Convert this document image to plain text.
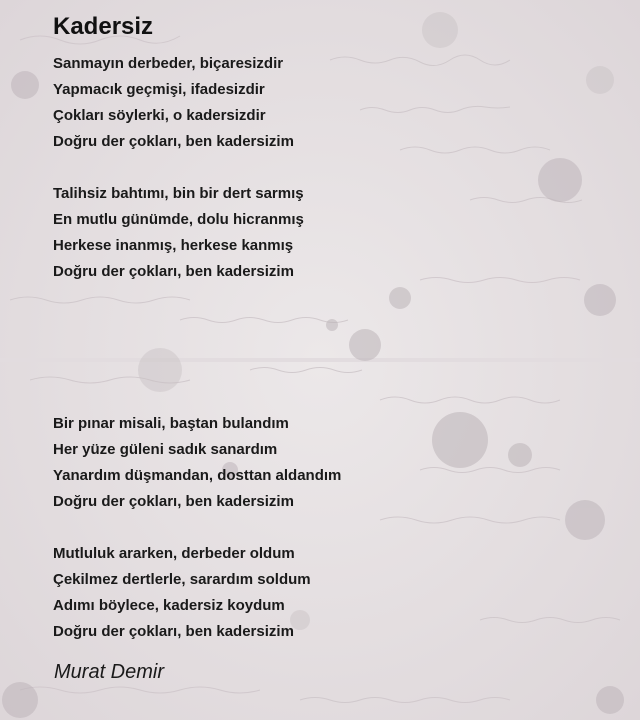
Kadersiz
Sanmayın derbeder, biçaresizdir
Yapmacık geçmişi, ifadesizdir
Çokları söylerki, o kadersizdir
Doğru der çokları, ben kadersizim
Talihsiz bahtımı, bin bir dert sarmış
En mutlu günümde, dolu hicranmış
Herkese inanmış, herkese kanmış
Doğru der çokları, ben kadersizim
Bir pınar misali, baştan bulandım
Her yüze güleni sadık sanardım
Yanardım düşmandan, dosttan aldandım
Doğru der çokları, ben kadersizim
Mutluluk ararken, derbeder oldum
Çekilmez dertlerle, sarardım soldum
Adımı böylece, kadersiz koydum
Doğru der çokları, ben kadersizim

Murat Demir
